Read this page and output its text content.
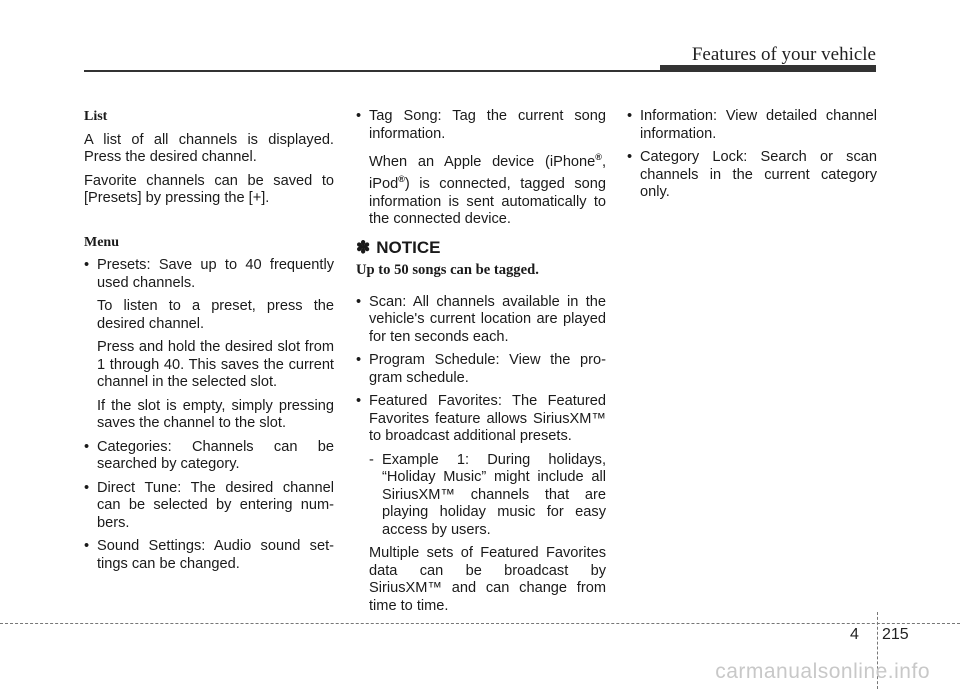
Features of your vehicle
List

A list of all channels is displayed. Press the desired channel.

Favorite channels can be saved to [Presets] by pressing the [+].

Menu
• Presets: Save up to 40 frequently used channels.
To listen to a preset, press the desired channel.
Press and hold the desired slot from 1 through 40. This saves the current channel in the selected slot.
If the slot is empty, simply pressing saves the channel to the slot.
• Categories: Channels can be searched by category.
• Direct Tune: The desired channel can be selected by entering num-bers.
• Sound Settings: Audio sound set-tings can be changed.
• Tag Song: Tag the current song information.
When an Apple device (iPhone®, iPod®) is connected, tagged song information is sent automatically to the connected device.
✽ NOTICE
Up to 50 songs can be tagged.
• Scan: All channels available in the vehicle's current location are played for ten seconds each.
• Program Schedule: View the pro-gram schedule.
• Featured Favorites: The Featured Favorites feature allows SiriusXM™ to broadcast additional presets.
- Example 1: During holidays, “Holiday Music” might include all SiriusXM™ channels that are playing holiday music for easy access by users.
Multiple sets of Featured Favorites data can be broadcast by SiriusXM™ and can change from time to time.
• Information: View detailed channel information.
• Category Lock: Search or scan channels in the current category only.
4 215
carmanualsonline.info
